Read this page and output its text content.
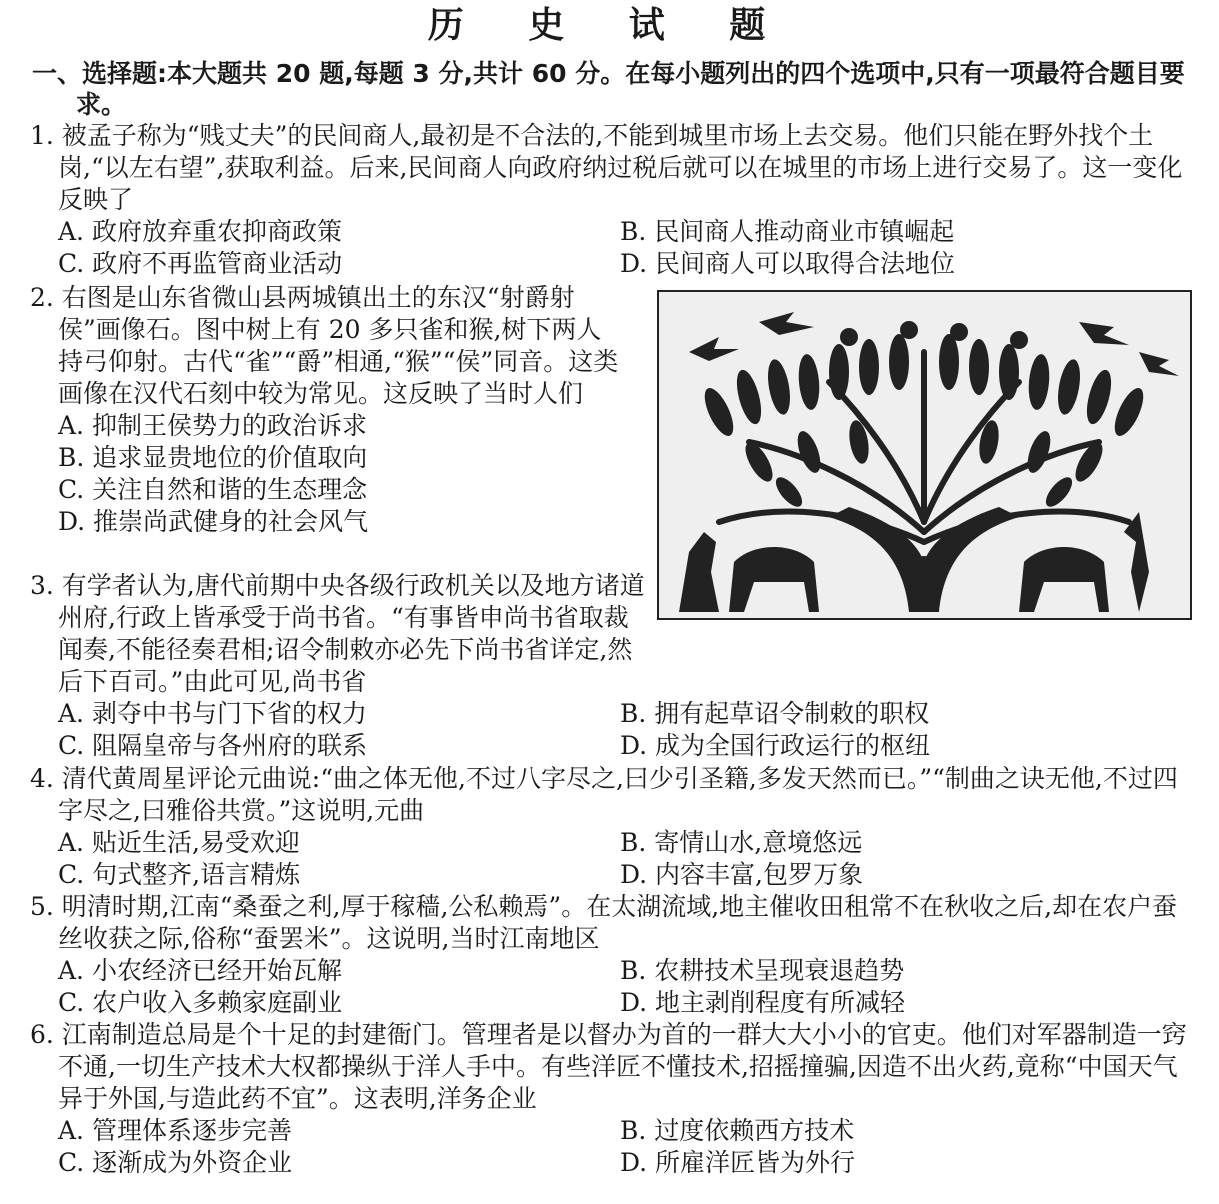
历 史 试 题
一、选择题:本大题共 20 题,每题 3 分,共计 60 分。在每小题列出的四个选项中,只有一项最符合题目要求。
1. 被孟子称为“贱丈夫”的民间商人,最初是不合法的,不能到城里市场上去交易。他们只能在野外找个土岗,“以左右望”,获取利益。后来,民间商人向政府纳过税后就可以在城里的市场上进行交易了。这一变化反映了
A. 政府放弃重农抑商政策	B. 民间商人推动商业市镇崛起
C. 政府不再监管商业活动	D. 民间商人可以取得合法地位
2. 右图是山东省微山县两城镇出土的东汉“射爵射侯”画像石。图中树上有 20 多只雀和猴,树下两人持弓仰射。古代“雀”“爵”相通,“猴”“侯”同音。这类画像在汉代石刻中较为常见。这反映了当时人们
A. 抑制王侯势力的政治诉求
B. 追求显贵地位的价值取向
C. 关注自然和谐的生态理念
D. 推崇尚武健身的社会风气
3. 有学者认为,唐代前期中央各级行政机关以及地方诸道州府,行政上皆承受于尚书省。“有事皆申尚书省取裁闻奏,不能径奏君相;诏令制敕亦必先下尚书省详定,然后下百司。”由此可见,尚书省
A. 剥夺中书与门下省的权力	B. 拥有起草诏令制敕的职权
C. 阻隔皇帝与各州府的联系	D. 成为全国行政运行的枢纽
4. 清代黄周星评论元曲说:“曲之体无他,不过八字尽之,曰少引圣籍,多发天然而已。”“制曲之诀无他,不过四字尽之,曰雅俗共赏。”这说明,元曲
A. 贴近生活,易受欢迎	B. 寄情山水,意境悠远
C. 句式整齐,语言精炼	D. 内容丰富,包罗万象
5. 明清时期,江南“桑蚕之利,厚于稼穑,公私赖焉”。在太湖流域,地主催收田租常不在秋收之后,却在农户蚕丝收获之际,俗称“蚕罢米”。这说明,当时江南地区
A. 小农经济已经开始瓦解	B. 农耕技术呈现衰退趋势
C. 农户收入多赖家庭副业	D. 地主剥削程度有所减轻
6. 江南制造总局是个十足的封建衙门。管理者是以督办为首的一群大大小小的官吏。他们对军器制造一窍不通,一切生产技术大权都操纵于洋人手中。有些洋匠不懂技术,招摇撞骗,因造不出火药,竟称“中国天气异于外国,与造此药不宜”。这表明,洋务企业
A. 管理体系逐步完善	B. 过度依赖西方技术
C. 逐渐成为外资企业	D. 所雇洋匠皆为外行
